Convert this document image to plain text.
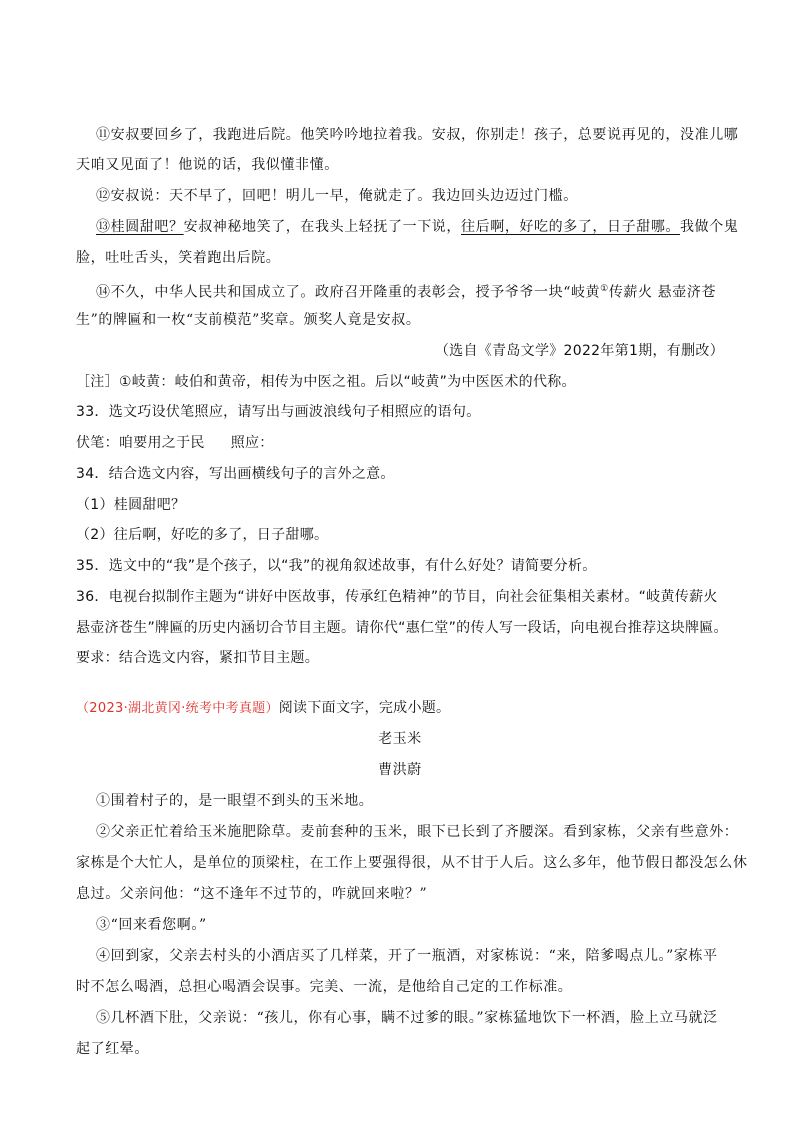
⑪安叔要回乡了，我跑进后院。他笑吟吟地拉着我。安叔，你别走！孩子，总要说再见的，没准儿哪
天咱又见面了！他说的话，我似懂非懂。
⑫安叔说：天不早了，回吧！明儿一早，俺就走了。我边回头边迈过门槛。
⑬桂圆甜吧？安叔神秘地笑了，在我头上轻抚了一下说，往后啊，好吃的多了，日子甜哪。我做个鬼
脸，吐吐舌头，笑着跑出后院。
⑭不久，中华人民共和国成立了。政府召开隆重的表彰会，授予爷爷一块“岐黄①传薪火 悬壶济苍
生”的牌匾和一枚“支前模范”奖章。颁奖人竟是安叔。
（选自《青岛文学》2022年第1期，有删改）
［注］①岐黄：岐伯和黄帝，相传为中医之祖。后以“岐黄”为中医医术的代称。
33．选文巧设伏笔照应，请写出与画波浪线句子相照应的语句。
伏笔：咱要用之于民 照应：
34．结合选文内容，写出画横线句子的言外之意。
（1）桂圆甜吧？
（2）往后啊，好吃的多了，日子甜哪。
35．选文中的“我”是个孩子，以“我”的视角叙述故事，有什么好处？请简要分析。
36．电视台拟制作主题为“讲好中医故事，传承红色精神”的节目，向社会征集相关素材。“岐黄传薪火
悬壶济苍生”牌匾的历史内涵切合节目主题。请你代“惠仁堂”的传人写一段话，向电视台推荐这块牌匾。
要求：结合选文内容，紧扣节目主题。
（2023·湖北黄冈·统考中考真题）阅读下面文字，完成小题。
老玉米
曹洪蔚
①围着村子的，是一眼望不到头的玉米地。
②父亲正忙着给玉米施肥除草。麦前套种的玉米，眼下已长到了齐腰深。看到家栋，父亲有些意外：
家栋是个大忙人，是单位的顶梁柱，在工作上要强得很，从不甘于人后。这么多年，他节假日都没怎么休
息过。父亲问他：“这不逢年不过节的，咋就回来啦？”
③“回来看您啊。”
④回到家，父亲去村头的小酒店买了几样菜，开了一瓶酒，对家栋说：“来，陪爹喝点儿。”家栋平
时不怎么喝酒，总担心喝酒会误事。完美、一流，是他给自己定的工作标准。
⑤几杯酒下肚，父亲说：“孩儿，你有心事，瞒不过爹的眼。”家栋猛地饮下一杯酒，脸上立马就泛
起了红晕。
